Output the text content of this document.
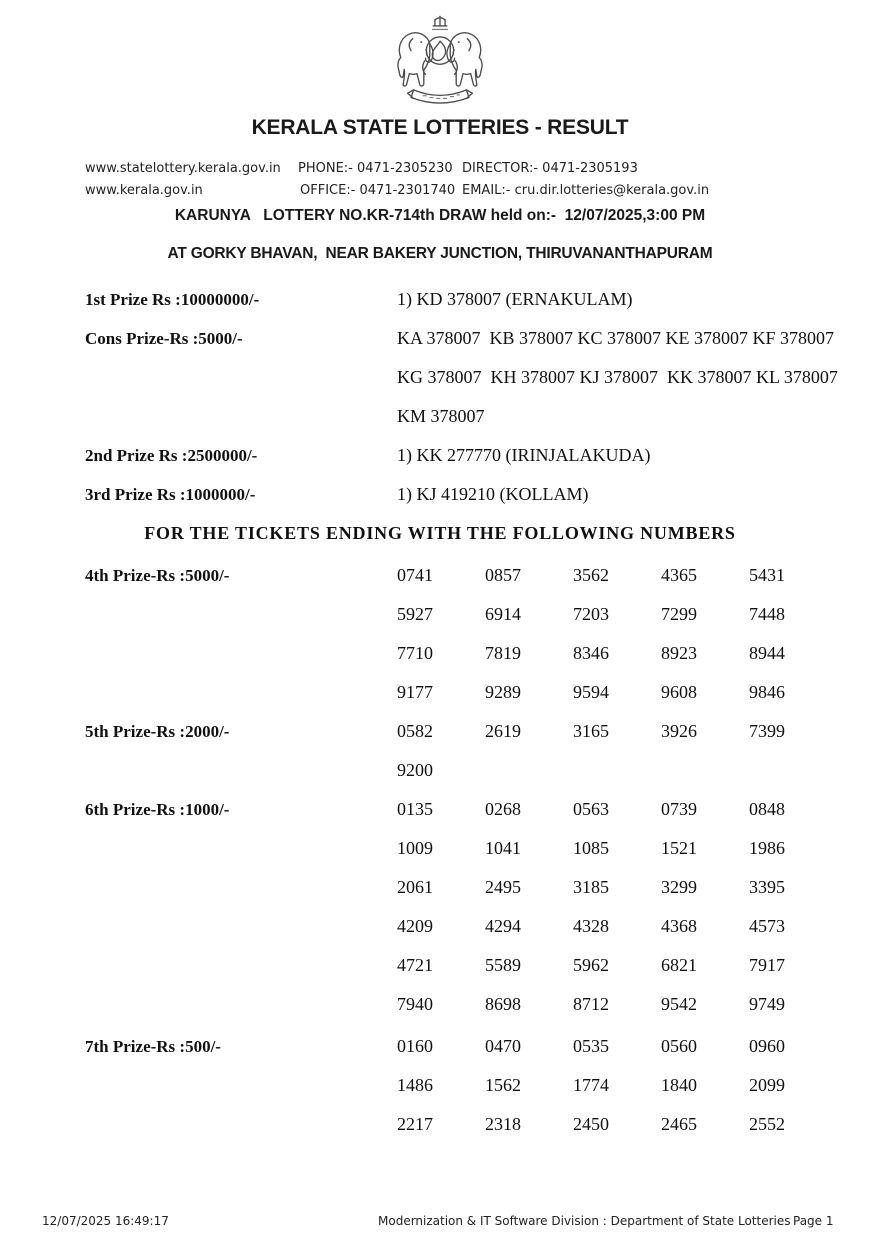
KERALA STATE LOTTERIES - RESULT
www.statelottery.kerala.gov.in
www.kerala.gov.in
PHONE:- 0471-2305230
OFFICE:- 0471-2301740
DIRECTOR:- 0471-2305193
EMAIL:- cru.dir.lotteries@kerala.gov.in
KARUNYA   LOTTERY NO.KR-714th DRAW held on:-  12/07/2025,3:00 PM
AT GORKY BHAVAN,  NEAR BAKERY JUNCTION, THIRUVANANTHAPURAM
1st Prize Rs :10000000/-	1) KD 378007 (ERNAKULAM)
Cons Prize-Rs :5000/-	KA 378007  KB 378007 KC 378007 KE 378007 KF 378007
KG 378007  KH 378007 KJ 378007  KK 378007 KL 378007
KM 378007
2nd Prize Rs :2500000/-	1) KK 277770 (IRINJALAKUDA)
3rd Prize Rs :1000000/-	1) KJ 419210 (KOLLAM)
FOR THE TICKETS ENDING WITH THE FOLLOWING NUMBERS
4th Prize-Rs :5000/-	0741	0857	3562	4365	5431
5927	6914	7203	7299	7448
7710	7819	8346	8923	8944
9177	9289	9594	9608	9846
5th Prize-Rs :2000/-	0582	2619	3165	3926	7399
9200
6th Prize-Rs :1000/-	0135	0268	0563	0739	0848
1009	1041	1085	1521	1986
2061	2495	3185	3299	3395
4209	4294	4328	4368	4573
4721	5589	5962	6821	7917
7940	8698	8712	9542	9749
7th Prize-Rs :500/-	0160	0470	0535	0560	0960
1486	1562	1774	1840	2099
2217	2318	2450	2465	2552
12/07/2025 16:49:17	Modernization & IT Software Division : Department of State Lotteries Page 1
